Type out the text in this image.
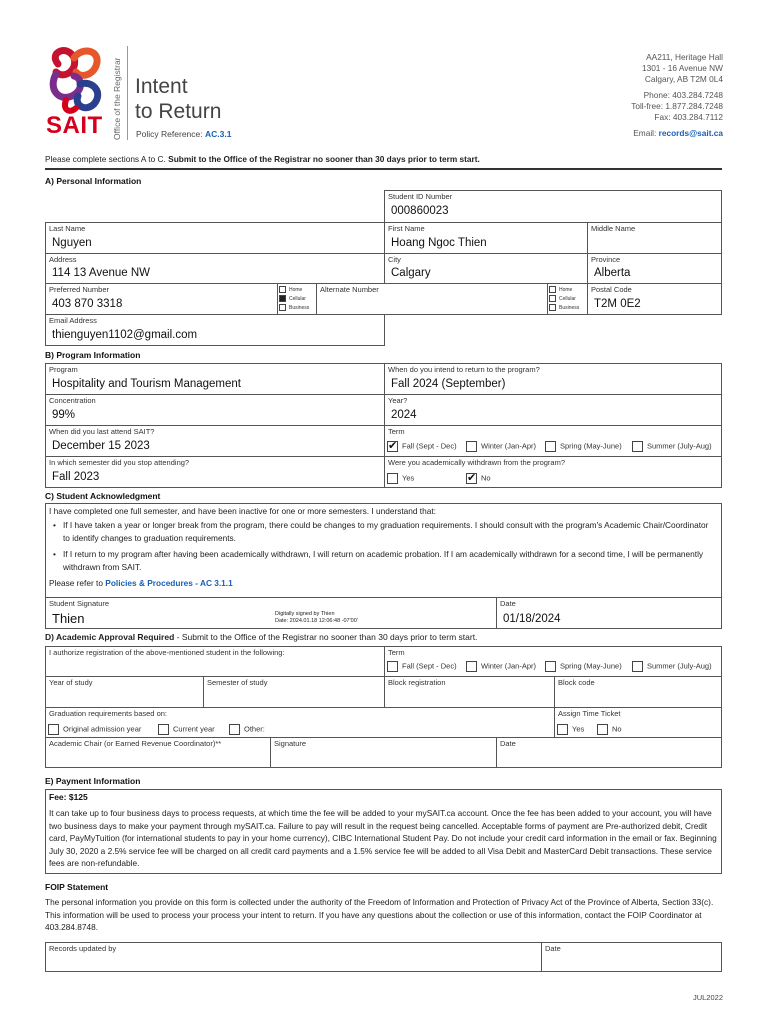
SAIT Office of the Registrar Intent
to Return
Policy Reference: AC.3.1
AA211, Heritage Hall
1301 - 16 Avenue NW
Calgary, AB T2M 0L4
Phone: 403.284.7248
Toll-free: 1.877.284.7248
Fax: 403.284.7112
Email: records@sait.ca
Please complete sections A to C. Submit to the Office of the Registrar no sooner than 30 days prior to term start.
A) Personal Information
Student ID Number
000860023
Last Name
Nguyen
First Name
Hoang Ngoc Thien
Middle Name
Address
114 13 Avenue NW
City
Calgary
Province
Alberta
Preferred Number
403 870 3318
Home
Cellular
Business
Alternate Number	Home
Cellular
Business
Postal Code
T2M 0E2
Email Address
thienguyen1102@gmail.com
B) Program Information
Program
Hospitality and Tourism Management
When do you intend to return to the program?
Fall 2024 (September)
Concentration
99%
Year?
2024
When did you last attend SAIT?
December 15 2023
Term
✔Fall (Sept - Dec)	Winter (Jan-Apr)	Spring (May-June)	Summer (July-Aug)
In which semester did you stop attending?
Fall 2023
Were you academically withdrawn from the program?
Yes
✔	No
C) Student Acknowledgment
I have completed one full semester, and have been inactive for one or more semesters. I understand that:
• If I have taken a year or longer break from the program, there could be changes to my graduation requirements. I should consult with the program's Academic Chair/Coordinator to identify changes to graduation requirements.
• If I return to my program after having been academically withdrawn, I will return on academic probation. If I am academically withdrawn for a second time, I will be permanently withdrawn from SAIT.
Please refer to Policies & Procedures - AC 3.1.1
Student Signature
Thien	Digitally signed by Thien
Date: 2024.01.18 12:06:48 -07'00'
Date
01/18/2024
D) Academic Approval Required - Submit to the Office of the Registrar no sooner than 30 days prior to term start.
I authorize registration of the above-mentioned student in the following:	Term
Fall (Sept - Dec)	Winter (Jan-Apr)	Spring (May-June)	Summer (July-Aug)
Year of study	Semester of study	Block registration	Block code
Graduation requirements based on:
Original admission year	Current year	Other:
Assign Time Ticket
Yes	No
Academic Chair (or Earned Revenue Coordinator)**	Signature	Date
E) Payment Information
Fee: $125
It can take up to four business days to process requests, at which time the fee will be added to your mySAIT.ca account. Once the fee has been added to your account, you will have two business days to make your payment through mySAIT.ca. Failure to pay will result in the request being cancelled. Acceptable forms of payment are Pre-authorized debit, Credit card, PayMyTuition (for international students to pay in your home currency), CIBC International Student Pay. Do not include your credit card information in the email or fax. Beginning July 30, 2020 a 2.5% service fee will be charged on all credit card payments and a 1.5% service fee will be added to all Visa Debit and MasterCard Debit transactions. These service fees are non-refundable.
FOIP Statement
The personal information you provide on this form is collected under the authority of the Freedom of Information and Protection of Privacy Act of the Province of Alberta, Section 33(c). This information will be used to process your process your intent to return. If you have any questions about the collection or use of this information, contact the FOIP Coordinator at 403.284.8748.
Records updated by	Date
JUL2022
